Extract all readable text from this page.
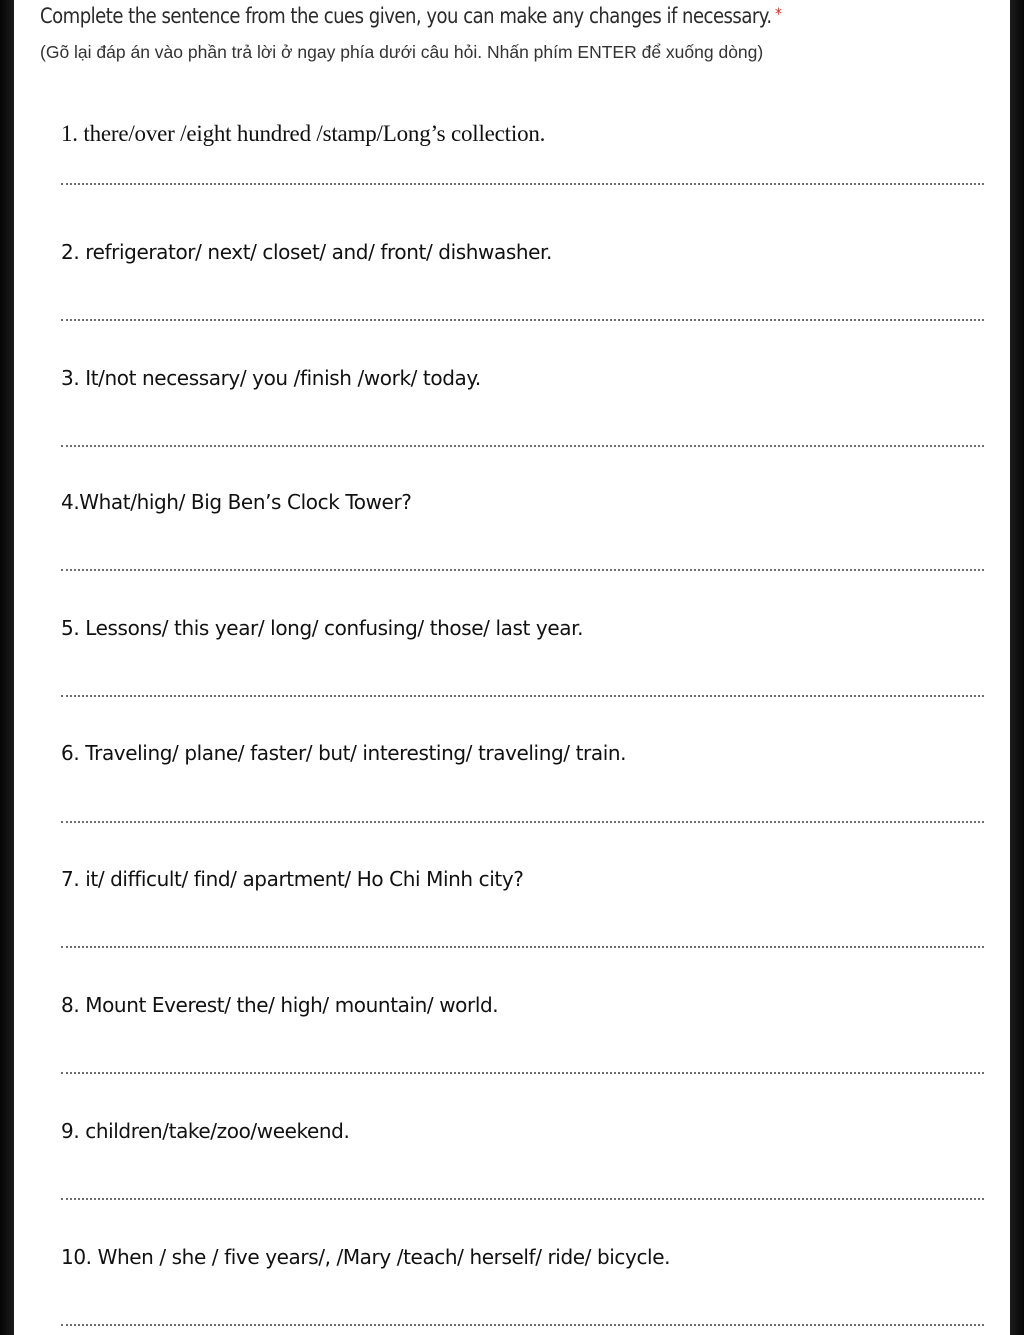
Complete the sentence from the cues given, you can make any changes if necessary. *
(Gõ lại đáp án vào phần trả lời ở ngay phía dưới câu hỏi. Nhấn phím ENTER để xuống dòng)
1. there/over /eight hundred /stamp/Long’s collection.
2. refrigerator/ next/ closet/ and/ front/ dishwasher.
3. It/not necessary/ you /finish /work/ today.
4.What/high/ Big Ben’s Clock Tower?
5. Lessons/ this year/ long/ confusing/ those/ last year.
6. Traveling/ plane/ faster/ but/ interesting/ traveling/ train.
7. it/ difficult/ find/ apartment/ Ho Chi Minh city?
8. Mount Everest/ the/ high/ mountain/ world.
9. children/take/zoo/weekend.
10. When / she / five years/, /Mary /teach/ herself/ ride/ bicycle.
